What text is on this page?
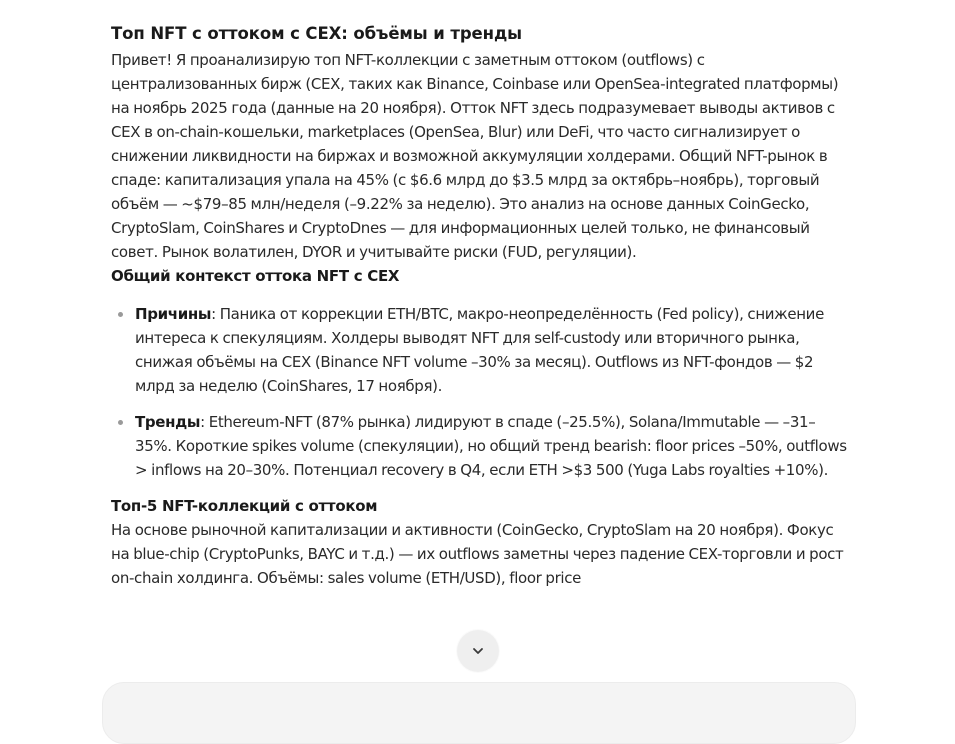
Топ NFT с оттоком с CEX: объёмы и тренды

Привет! Я проанализирую топ NFT-коллекции с заметным оттоком (outflows) с централизованных бирж (CEX, таких как Binance, Coinbase или OpenSea-integrated платформы) на ноябрь 2025 года (данные на 20 ноября). Отток NFT здесь подразумевает выводы активов с CEX в on-chain-кошельки, marketplaces (OpenSea, Blur) или DeFi, что часто сигнализирует о снижении ликвидности на биржах и возможной аккумуляции холдерами. Общий NFT-рынок в спаде: капитализация упала на 45% (с $6.6 млрд до $3.5 млрд за октябрь–ноябрь), торговый объём — ~$79–85 млн/неделя (–9.22% за неделю). Это анализ на основе данных CoinGecko, CryptoSlam, CoinShares и CryptoDnes — для информационных целей только, не финансовый совет. Рынок волатилен, DYOR и учитывайте риски (FUD, регуляции).

Общий контекст оттока NFT с CEX
Причины: Паника от коррекции ETH/BTC, макро-неопределённость (Fed policy), снижение интереса к спекуляциям. Холдеры выводят NFT для self-custody или вторичного рынка, снижая объёмы на CEX (Binance NFT volume –30% за месяц). Outflows из NFT-фондов — $2 млрд за неделю (CoinShares, 17 ноября).
Тренды: Ethereum-NFT (87% рынка) лидируют в спаде (–25.5%), Solana/Immutable — –31–35%. Короткие spikes volume (спекуляции), но общий тренд bearish: floor prices –50%, outflows > inflows на 20–30%. Потенциал recovery в Q4, если ETH >$3 500 (Yuga Labs royalties +10%).
Топ-5 NFT-коллекций с оттоком

На основе рыночной капитализации и активности (CoinGecko, CryptoSlam на 20 ноября). Фокус на blue-chip (CryptoPunks, BAYC и т.д.) — их outflows заметны через падение CEX-торговли и рост on-chain холдинга. Объёмы: sales volume (ETH/USD), floor price
